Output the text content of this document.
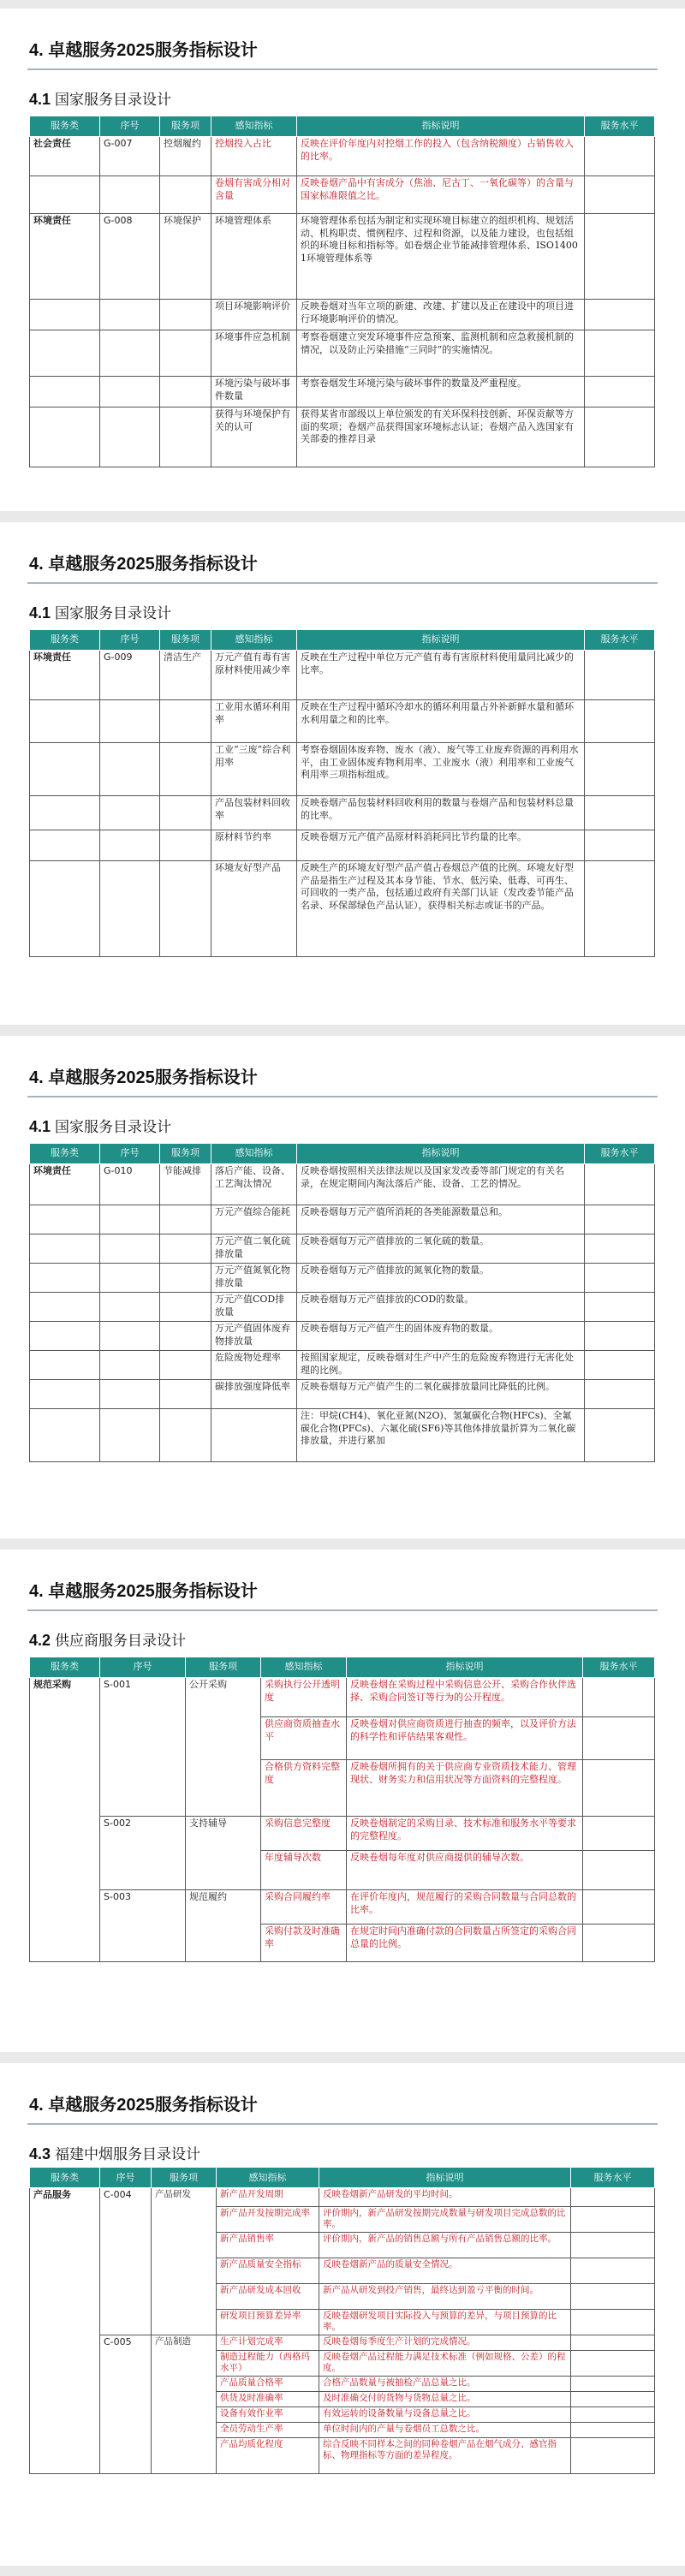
4. 卓越服务2025服务指标设计
4.1 国家服务目录设计
服务类	序号	服务项	感知指标	指标说明	服务水平
社会责任	G-007	控烟履约	控烟投入占比	反映在评价年度内对控烟工作的投入（包含纳税额度）占销售收入的比率。	
			卷烟有害成分相对含量	反映卷烟产品中有害成分（焦油、尼古丁、一氧化碳等）的含量与国家标准限值之比。	
环境责任	G-008	环境保护	环境管理体系	环境管理体系包括为制定和实现环境目标建立的组织机构、规划活动、机构职责、惯例程序、过程和资源，以及能力建设，也包括组织的环境目标和指标等。如卷烟企业节能减排管理体系、ISO14001环境管理体系等	
			项目环境影响评价	反映卷烟对当年立项的新建、改建、扩建以及正在建设中的项目进行环境影响评价的情况。	
			环境事件应急机制	考察卷烟建立突发环境事件应急预案、监测机制和应急救援机制的情况，以及防止污染措施“三同时”的实施情况。	
			环境污染与破坏事件数量	考察卷烟发生环境污染与破坏事件的数量及严重程度。	
			获得与环境保护有关的认可	获得某省市部级以上单位颁发的有关环保科技创新、环保贡献等方面的奖项；卷烟产品获得国家环境标志认证；卷烟产品入选国家有关部委的推荐目录	
4. 卓越服务2025服务指标设计
4.1 国家服务目录设计
服务类	序号	服务项	感知指标	指标说明	服务水平
环境责任	G-009	清洁生产	万元产值有毒有害原材料使用减少率	反映在生产过程中单位万元产值有毒有害原材料使用量同比减少的比率。	
			工业用水循环利用率	反映在生产过程中循环冷却水的循环利用量占外补新鲜水量和循环水利用量之和的比率。	
			工业“三废”综合利用率	考察卷烟固体废弃物、废水（液）、废气等工业废弃资源的再利用水平，由工业固体废弃物利用率、工业废水（液）利用率和工业废气利用率三项指标组成。	
			产品包装材料回收率	反映卷烟产品包装材料回收利用的数量与卷烟产品和包装材料总量的比率。	
			原材料节约率	反映卷烟万元产值产品原材料消耗同比节约量的比率。	
			环境友好型产品	反映生产的环境友好型产品产值占卷烟总产值的比例。环境友好型产品是指生产过程及其本身节能、节水、低污染、低毒、可再生、可回收的一类产品，包括通过政府有关部门认证（发改委节能产品名录、环保部绿色产品认证），获得相关标志或证书的产品。	
4. 卓越服务2025服务指标设计
4.1 国家服务目录设计
服务类	序号	服务项	感知指标	指标说明	服务水平
环境责任	G-010	节能减排	落后产能、设备、工艺淘汰情况	反映卷烟按照相关法律法规以及国家发改委等部门规定的有关名录，在规定期间内淘汰落后产能、设备、工艺的情况。	
			万元产值综合能耗	反映卷烟每万元产值所消耗的各类能源数量总和。	
			万元产值二氧化硫排放量	反映卷烟每万元产值排放的二氧化硫的数量。	
			万元产值氮氧化物排放量	反映卷烟每万元产值排放的氮氧化物的数量。	
			万元产值COD排放量	反映卷烟每万元产值排放的COD的数量。	
			万元产值固体废弃物排放量	反映卷烟每万元产值产生的固体废弃物的数量。	
			危险废物处理率	按照国家规定，反映卷烟对生产中产生的危险废弃物进行无害化处理的比例。	
			碳排放强度降低率	反映卷烟每万元产值产生的二氧化碳排放量同比降低的比例。	
				注：甲烷(CH4)、氧化亚氮(N2O)、氢氟碳化合物(HFCs)、全氟碳化合物(PFCs)、六氟化硫(SF6)等其他体排放量折算为二氧化碳排放量，并进行累加	
4. 卓越服务2025服务指标设计
4.2 供应商服务目录设计
服务类	序号	服务项	感知指标	指标说明	服务水平
规范采购	S-001	公开采购	采购执行公开透明度	反映卷烟在采购过程中采购信息公开、采购合作伙伴选择、采购合同签订等行为的公开程度。	
			供应商资质抽查水平	反映卷烟对供应商资质进行抽查的频率，以及评价方法的科学性和评估结果客观性。	
			合格供方资料完整度	反映卷烟所拥有的关于供应商专业资质技术能力、管理现状、财务实力和信用状况等方面资料的完整程度。	
	S-002	支持辅导	采购信息完整度	反映卷烟制定的采购目录、技术标准和服务水平等要求的完整程度。	
			年度辅导次数	反映卷烟每年度对供应商提供的辅导次数。	
	S-003	规范履约	采购合同履约率	在评价年度内，规范履行的采购合同数量与合同总数的比率。	
			采购付款及时准确率	在规定时间内准确付款的合同数量占所签定的采购合同总量的比例。	
4. 卓越服务2025服务指标设计
4.3 福建中烟服务目录设计
服务类	序号	服务项	感知指标	指标说明	服务水平
产品服务	C-004	产品研发	新产品开发周期	反映卷烟新产品研发的平均时间。	
			新产品开发按期完成率	评价期内，新产品研发按期完成数量与研发项目完成总数的比率。	
			新产品销售率	评价期内，新产品的销售总额与所有产品销售总额的比率。	
			新产品质量安全指标	反映卷烟新产品的质量安全情况。	
			新产品研发成本回收	新产品从研发到投产销售，最终达到盈亏平衡的时间。	
			研发项目预算差异率	反映卷烟研发项目实际投入与预算的差异，与项目预算的比率。	
	C-005	产品制造	生产计划完成率	反映卷烟每季度生产计划的完成情况。	
			制造过程能力（西格玛水平）	反映卷烟产品过程能力满足技术标准（例如规格、公差）的程度。	
			产品质量合格率	合格产品数量与被抽检产品总量之比。	
			供货及时准确率	及时准确交付的货物与货物总量之比。	
			设备有效作业率	有效运转的设备数量与设备总量之比。	
			全员劳动生产率	单位时间内的产量与卷烟员工总数之比。	
			产品均质化程度	综合反映不同样本之间的同种卷烟产品在烟气成分、感官指标、物理指标等方面的差异程度。	
